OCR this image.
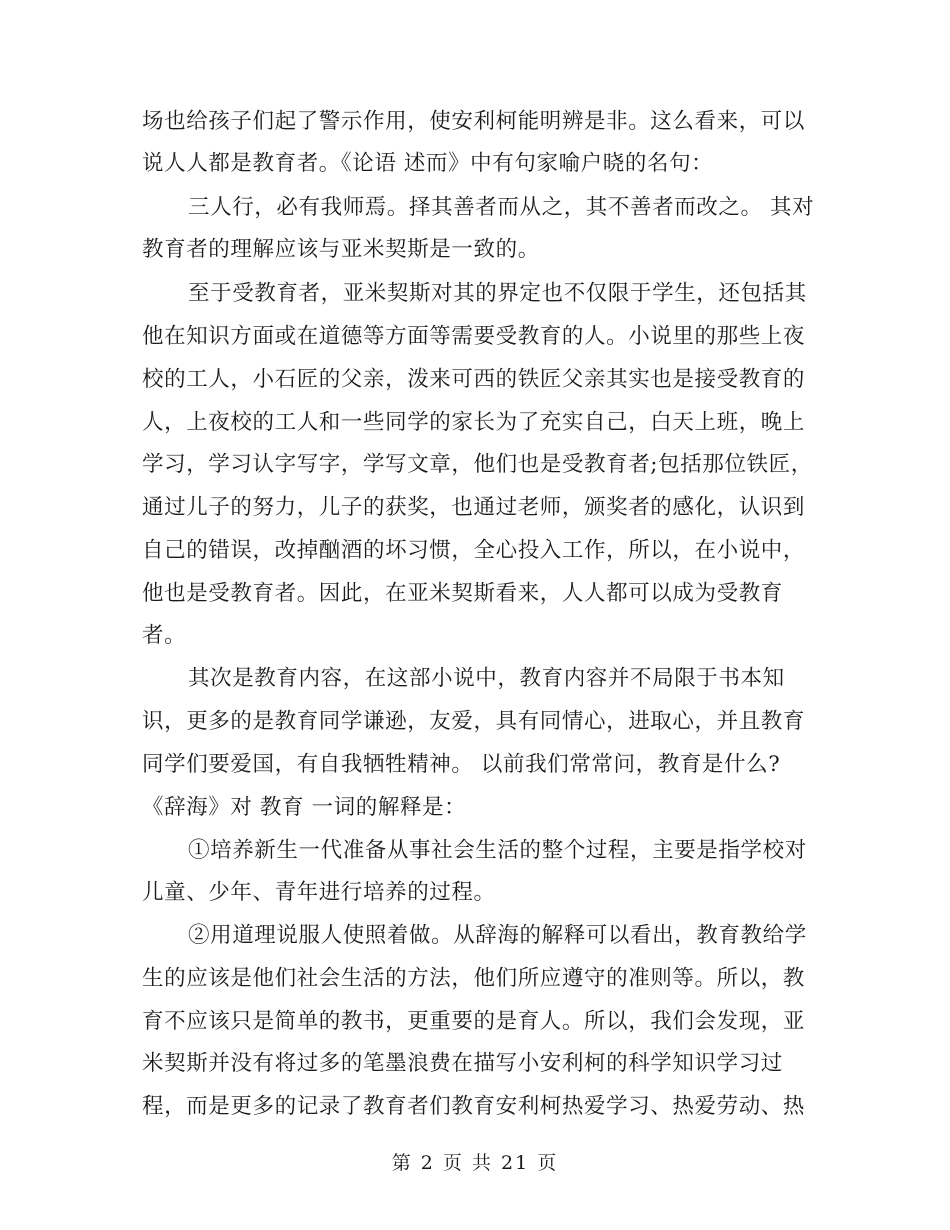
场也给孩子们起了警示作用，使安利柯能明辨是非。这么看来，可以
说人人都是教育者。《论语 述而》中有句家喻户晓的名句：
三人行，必有我师焉。择其善者而从之，其不善者而改之。 其对
教育者的理解应该与亚米契斯是一致的。
至于受教育者，亚米契斯对其的界定也不仅限于学生，还包括其
他在知识方面或在道德等方面等需要受教育的人。小说里的那些上夜
校的工人，小石匠的父亲，泼来可西的铁匠父亲其实也是接受教育的
人，上夜校的工人和一些同学的家长为了充实自己，白天上班，晚上
学习，学习认字写字，学写文章，他们也是受教育者;包括那位铁匠，
通过儿子的努力，儿子的获奖，也通过老师，颁奖者的感化，认识到
自己的错误，改掉酗酒的坏习惯，全心投入工作，所以，在小说中，
他也是受教育者。因此，在亚米契斯看来，人人都可以成为受教育
者。
其次是教育内容，在这部小说中，教育内容并不局限于书本知
识，更多的是教育同学谦逊，友爱，具有同情心，进取心，并且教育
同学们要爱国，有自我牺牲精神。 以前我们常常问，教育是什么?
《辞海》对 教育 一词的解释是：
①培养新生一代准备从事社会生活的整个过程，主要是指学校对
儿童、少年、青年进行培养的过程。
②用道理说服人使照着做。从辞海的解释可以看出，教育教给学
生的应该是他们社会生活的方法，他们所应遵守的准则等。所以，教
育不应该只是简单的教书，更重要的是育人。所以，我们会发现，亚
米契斯并没有将过多的笔墨浪费在描写小安利柯的科学知识学习过
程，而是更多的记录了教育者们教育安利柯热爱学习、热爱劳动、热
第 2 页 共 21 页
